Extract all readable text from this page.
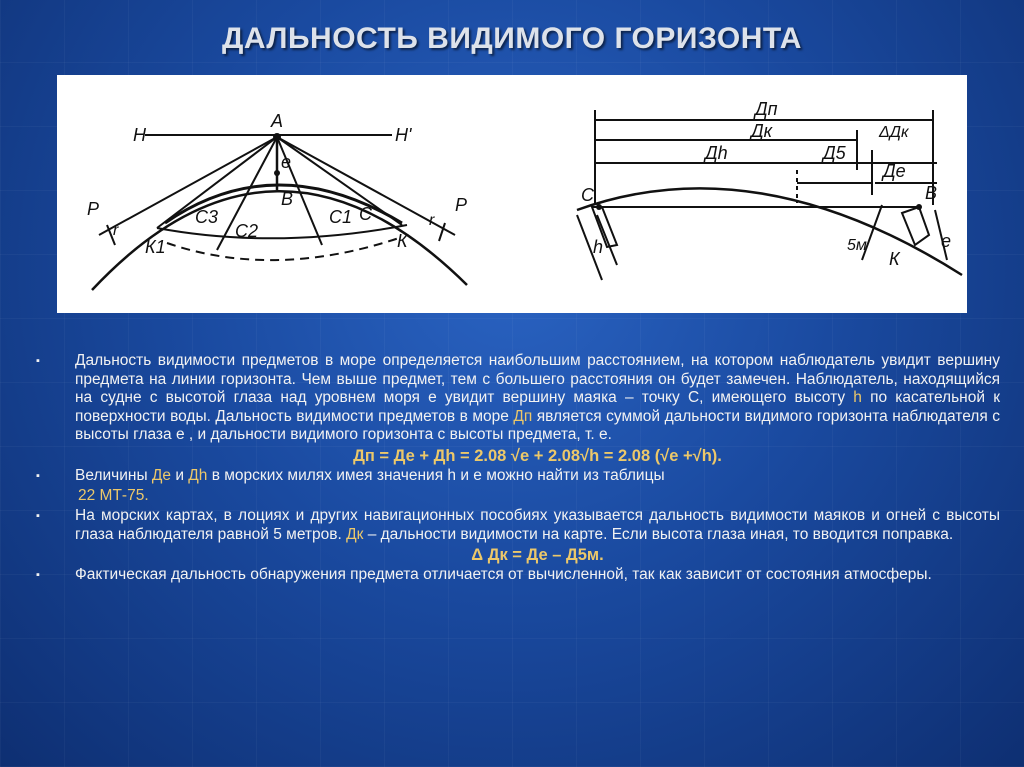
ДАЛЬНОСТЬ ВИДИМОГО ГОРИЗОНТА
Н	Н'
А
е
В
Р	Р
r
r
С
С1
С2
С3
К
К1
Дп
Дк	ΔДк
Дh	Д5
Де
С	В
h	е
5м
К
▪ Дальность видимости предметов в море определяется наибольшим расстоянием, на котором наблюдатель увидит вершину предмета на линии горизонта. Чем выше предмет, тем с большего расстояния он будет замечен. Наблюдатель, находящийся на судне с высотой глаза над уровнем моря е увидит вершину маяка – точку С, имеющего высоту h по касательной к поверхности воды. Дальность видимости предметов в море Дп является суммой дальности видимого горизонта наблюдателя с высоты глаза е , и дальности видимого горизонта с высоты предмета, т. е.
Дп = Де + Дh = 2.08 √е + 2.08√h = 2.08 (√е +√h).
▪ Величины Де и Дh в морских милях имея значения h и е можно найти из таблицы
22 МТ-75.
▪ На морских картах, в лоциях и других навигационных пособиях указывается дальность видимости маяков и огней с высоты глаза наблюдателя равной 5 метров. Дк – дальности видимости на карте. Если высота глаза иная, то вводится поправка.
Δ Дк = Де – Д5м.
▪ Фактическая дальность обнаружения предмета отличается от вычисленной, так как зависит от состояния атмосферы.
